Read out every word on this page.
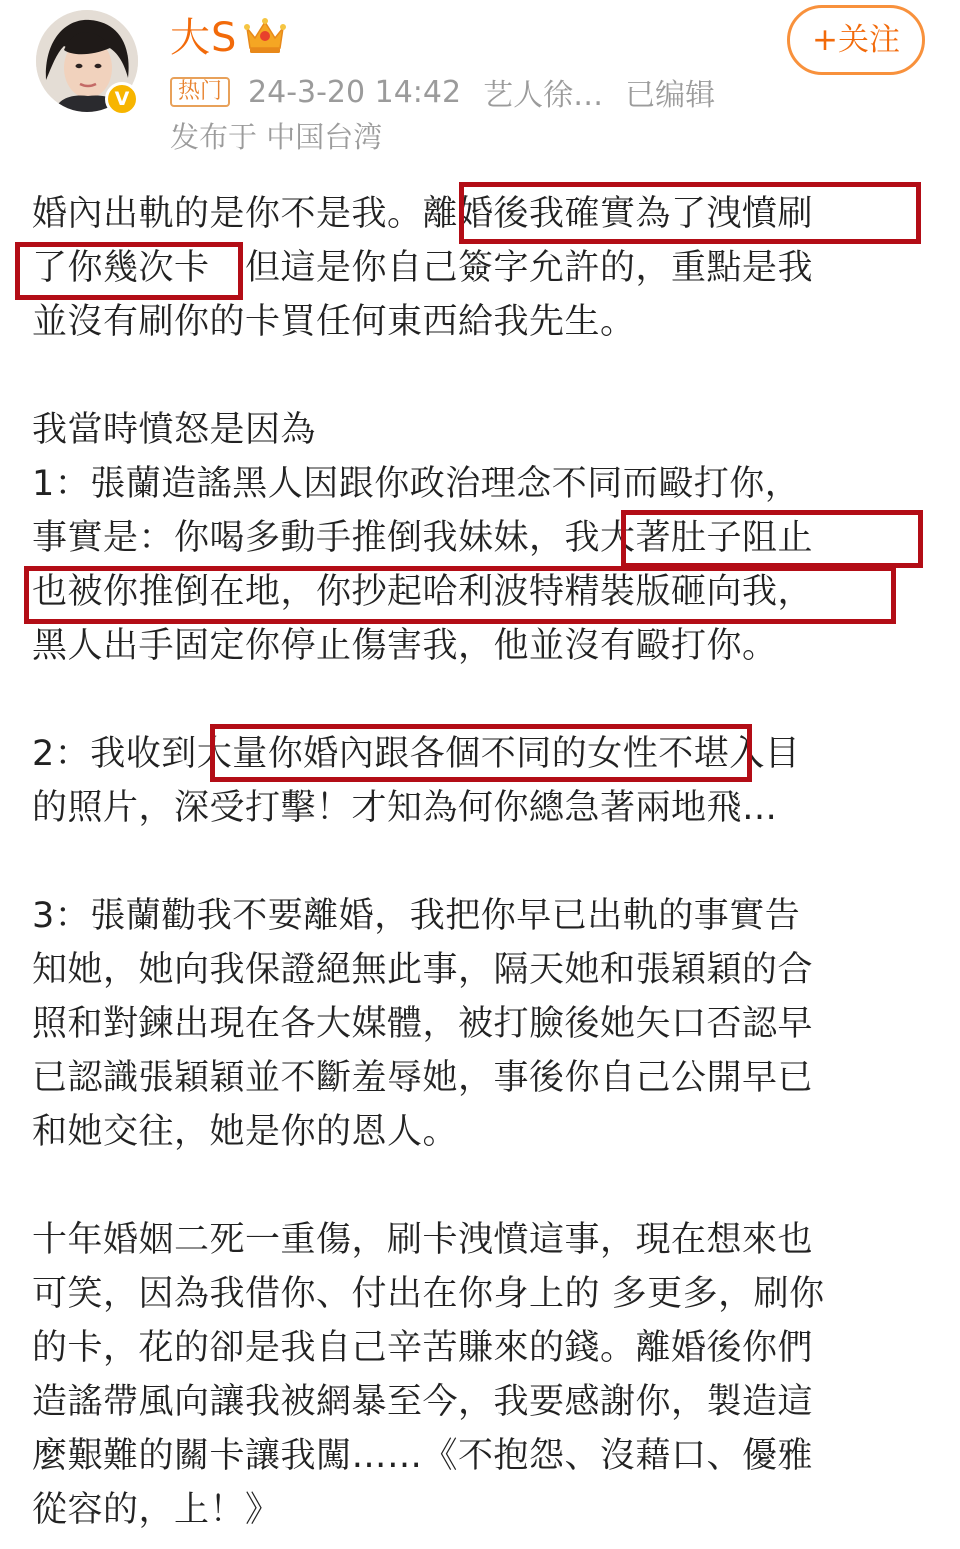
V
大S	+关注
热门 24-3-20 14:42 艺人徐… 已编辑
发布于 中国台湾
婚內出軌的是你不是我。離婚後我確實為了洩憤刷
了你幾次卡　但這是你自己簽字允許的，重點是我
並沒有刷你的卡買任何東西給我先生。
我當時憤怒是因為
1：張蘭造謠黑人因跟你政治理念不同而毆打你，
事實是：你喝多動手推倒我妹妹，我大著肚子阻止
也被你推倒在地，你抄起哈利波特精裝版砸向我，
黑人出手固定你停止傷害我，他並沒有毆打你。
2：我收到大量你婚內跟各個不同的女性不堪入目
的照片，深受打擊！才知為何你總急著兩地飛…
3：張蘭勸我不要離婚，我把你早已出軌的事實告
知她，她向我保證絕無此事，隔天她和張穎穎的合
照和對鍊出現在各大媒體，被打臉後她矢口否認早
已認識張穎穎並不斷羞辱她，事後你自己公開早已
和她交往，她是你的恩人。
十年婚姻二死一重傷，刷卡洩憤這事，現在想來也
可笑，因為我借你、付出在你身上的 多更多，刷你
的卡，花的卻是我自己辛苦賺來的錢。離婚後你們
造謠帶風向讓我被網暴至今，我要感謝你，製造這
麼艱難的關卡讓我闖……《不抱怨、沒藉口、優雅
從容的，上！》
